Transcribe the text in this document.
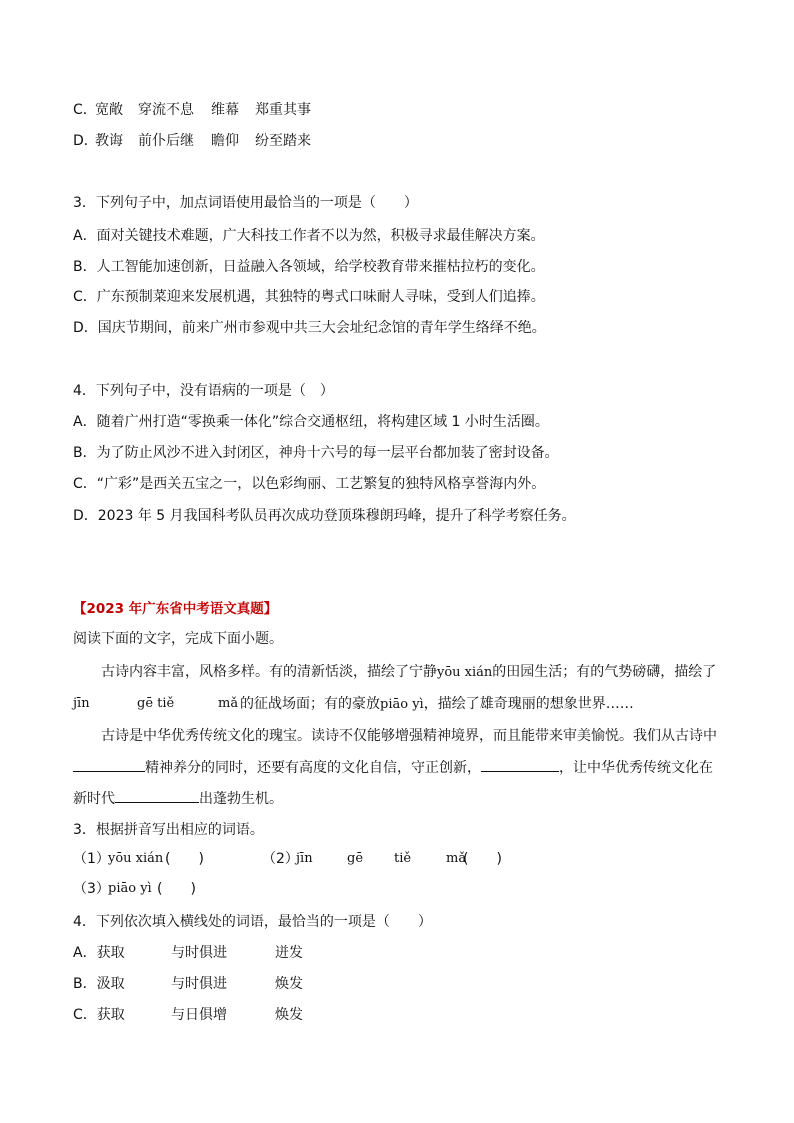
C．
宽敞 穿流不息 维幕 郑重其事
D．
教诲 前仆后继 瞻仰 纷至踏来
3．下列句子中，加点词语使用最恰当的一项是（　　）
A．面对关键技术难题，广大科技工作者不以为然，积极寻求最佳解决方案。
B．人工智能加速创新，日益融入各领域，给学校教育带来摧枯拉朽的变化。
C．广东预制菜迎来发展机遇，其独特的粤式口味耐人寻味，受到人们追捧。
D．国庆节期间，前来广州市参观中共三大会址纪念馆的青年学生络绎不绝。
4．下列句子中，没有语病的一项是（　）
A．随着广州打造“零换乘一体化”综合交通枢纽，将构建区域 1 小时生活圈。
B．为了防止风沙不进入封闭区，神舟十六号的每一层平台都加装了密封设备。
C．“广彩”是西关五宝之一，以色彩绚丽、工艺繁复的独特风格享誉海内外。
D．2023 年 5 月我国科考队员再次成功登顶珠穆朗玛峰，提升了科学考察任务。
【2023 年广东省中考语文真题】
阅读下面的文字，完成下面小题。
古诗内容丰富，风格多样。有的清新恬淡，描绘了宁静yōu xián的田园生活；有的气势磅礴，描绘了
jīn	gē tiě	mǎ 的征战场面；有的豪放piāo yì，描绘了雄奇瑰丽的想象世界……
古诗是中华优秀传统文化的瑰宝。读诗不仅能够增强精神境界，而且能带来审美愉悦。我们从古诗中
精神养分的同时，还要有高度的文化自信，守正创新，	，让中华优秀传统文化在
新时代	出蓬勃生机。
3．根据拼音写出相应的词语。
（1）
yōu xián (　　)	（2）
jīn	gē tiě	mǎ
(　　)
（3）
piāo yì (　　)
4．下列依次填入横线处的词语，最恰当的一项是（　　）
A．获取	与时俱进	迸发
B．汲取	与时俱进	焕发
C．获取	与日俱增	焕发
